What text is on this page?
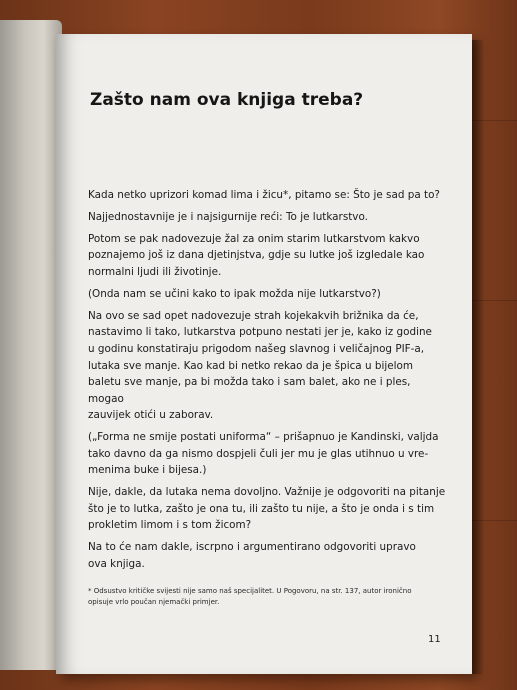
Zašto nam ova knjiga treba?

Kada netko uprizori komad lima i žicu*, pitamo se: Što je sad pa to?

Najjednostavnije je i najsigurnije reći: To je lutkarstvo.

Potom se pak nadovezuje žal za onim starim lutkarstvom kakvo
poznajemo još iz dana djetinjstva, gdje su lutke još izgledale kao
normalni ljudi ili životinje.

(Onda nam se učini kako to ipak možda nije lutkarstvo?)

Na ovo se sad opet nadovezuje strah kojekakvih brižnika da će,
nastavimo li tako, lutkarstva potpuno nestati jer je, kako iz godine
u godinu konstatiraju prigodom našeg slavnog i veličajnog PIF-a,
lutaka sve manje. Kao kad bi netko rekao da je špica u bijelom
baletu sve manje, pa bi možda tako i sam balet, ako ne i ples, mogao
zauvijek otići u zaborav.

(„Forma ne smije postati uniforma“ – prišapnuo je Kandinski, valjda
tako davno da ga nismo dospjeli čuli jer mu je glas utihnuo u vre-
menima buke i bijesa.)

Nije, dakle, da lutaka nema dovoljno. Važnije je odgovoriti na pitanje
što je to lutka, zašto je ona tu, ili zašto tu nije, a što je onda i s tim
prokletim limom i s tom žicom?

Na to će nam dakle, iscrpno i argumentirano odgovoriti upravo
ova knjiga.

* Odsustvo kritičke svijesti nije samo naš specijalitet. U Pogovoru, na str. 137, autor ironično
opisuje vrlo poučan njemački primjer.
11
